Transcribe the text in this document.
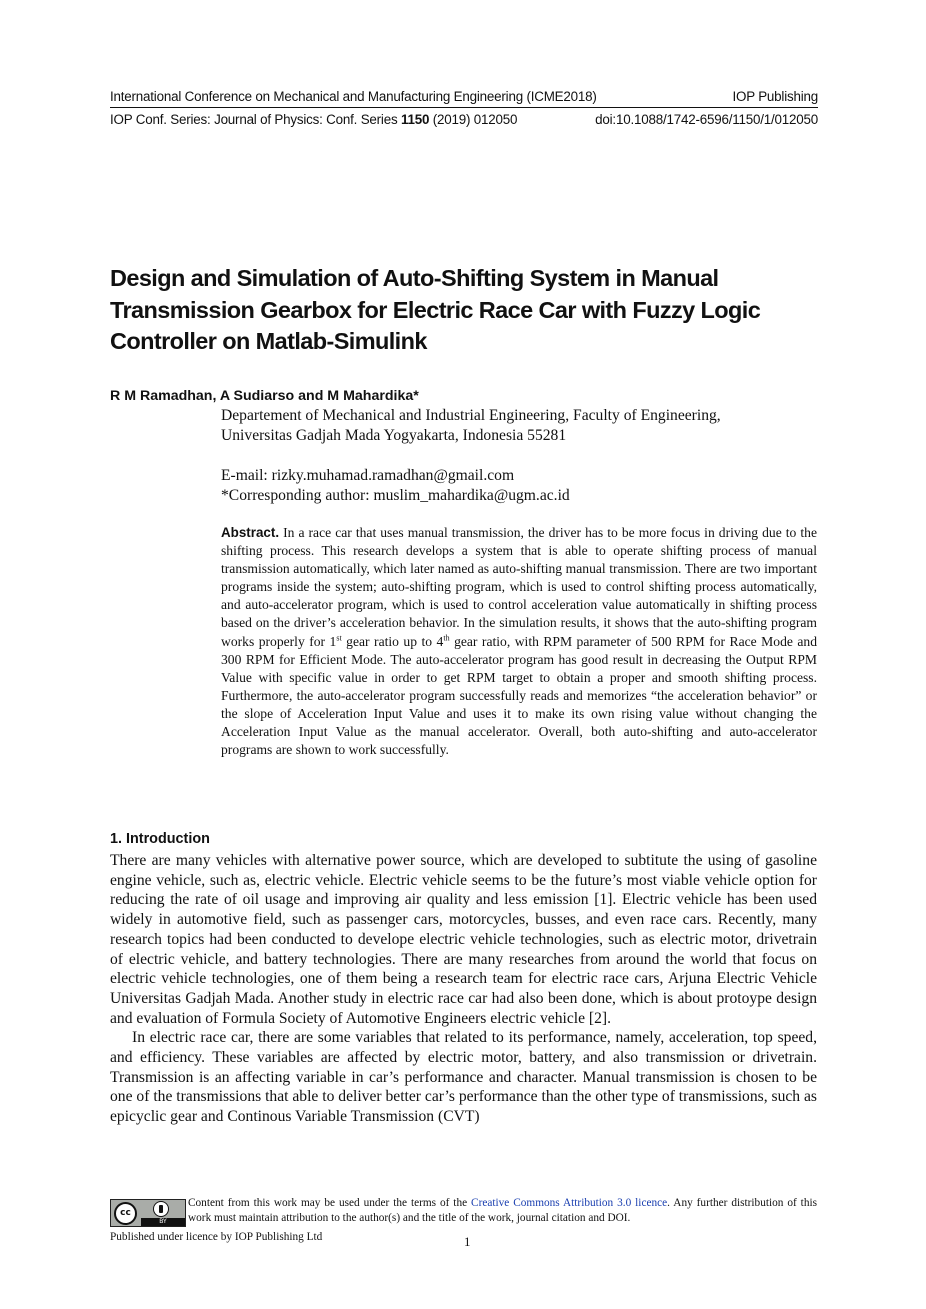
International Conference on Mechanical and Manufacturing Engineering (ICME2018)	IOP Publishing
IOP Conf. Series: Journal of Physics: Conf. Series 1150 (2019) 012050	doi:10.1088/1742-6596/1150/1/012050
Design and Simulation of Auto-Shifting System in Manual Transmission Gearbox for Electric Race Car with Fuzzy Logic Controller on Matlab-Simulink

R M Ramadhan, A Sudiarso and M Mahardika*

Departement of Mechanical and Industrial Engineering, Faculty of Engineering,

Universitas Gadjah Mada Yogyakarta, Indonesia 55281

E-mail: rizky.muhamad.ramadhan@gmail.com

*Corresponding author: muslim_mahardika@ugm.ac.id

Abstract. In a race car that uses manual transmission, the driver has to be more focus in driving due to the shifting process. This research develops a system that is able to operate shifting process of manual transmission automatically, which later named as auto-shifting manual transmission. There are two important programs inside the system; auto-shifting program, which is used to control shifting process automatically, and auto-accelerator program, which is used to control acceleration value automatically in shifting process based on the driver’s acceleration behavior. In the simulation results, it shows that the auto-shifting program works properly for 1st gear ratio up to 4th gear ratio, with RPM parameter of 500 RPM for Race Mode and 300 RPM for Efficient Mode. The auto-accelerator program has good result in decreasing the Output RPM Value with specific value in order to get RPM target to obtain a proper and smooth shifting process. Furthermore, the auto-accelerator program successfully reads and memorizes “the acceleration behavior” or the slope of Acceleration Input Value and uses it to make its own rising value without changing the Acceleration Input Value as the manual accelerator. Overall, both auto-shifting and auto-accelerator programs are shown to work successfully.

1. Introduction

There are many vehicles with alternative power source, which are developed to subtitute the using of gasoline engine vehicle, such as, electric vehicle. Electric vehicle seems to be the future’s most viable vehicle option for reducing the rate of oil usage and improving air quality and less emission [1]. Electric vehicle has been used widely in automotive field, such as passenger cars, motorcycles, busses, and even race cars. Recently, many research topics had been conducted to develope electric vehicle technologies, such as electric motor, drivetrain of electric vehicle, and battery technologies. There are many researches from around the world that focus on electric vehicle technologies, one of them being a research team for electric race cars, Arjuna Electric Vehicle Universitas Gadjah Mada. Another study in electric race car had also been done, which is about protoype design and evaluation of Formula Society of Automotive Engineers electric vehicle [2].

In electric race car, there are some variables that related to its performance, namely, acceleration, top speed, and efficiency. These variables are affected by electric motor, battery, and also transmission or drivetrain. Transmission is an affecting variable in car’s performance and character. Manual transmission is chosen to be one of the transmissions that able to deliver better car’s performance than the other type of transmissions, such as epicyclic gear and Continous Variable Transmission (CVT)

cc
BY

Content from this work may be used under the terms of the Creative Commons Attribution 3.0 licence. Any further distribution of this work must maintain attribution to the author(s) and the title of the work, journal citation and DOI.

Published under licence by IOP Publishing Ltd	1
